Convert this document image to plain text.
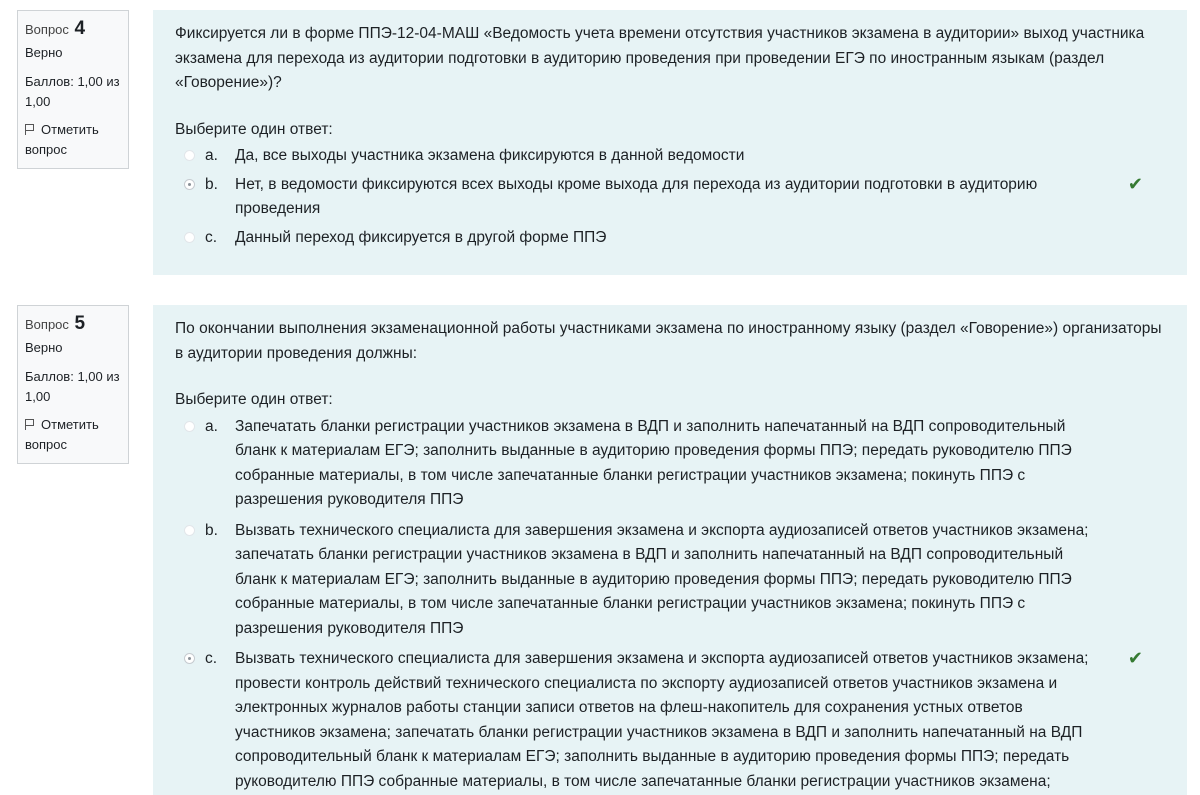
Вопрос 4
Верно
Баллов: 1,00 из 1,00
Отметить вопрос

Фиксируется ли в форме ППЭ-12-04-МАШ «Ведомость учета времени отсутствия участников экзамена в аудитории» выход участника экзамена для перехода из аудитории подготовки в аудиторию проведения при проведении ЕГЭ по иностранным языкам (раздел «Говорение»)?

Выберите один ответ:
a. Да, все выходы участника экзамена фиксируются в данной ведомости
b. Нет, в ведомости фиксируются всех выходы кроме выхода для перехода из аудитории подготовки в аудиторию проведения
✔
c. Данный переход фиксируется в другой форме ППЭ
Вопрос 5
Верно
Баллов: 1,00 из 1,00
Отметить вопрос

По окончании выполнения экзаменационной работы участниками экзамена по иностранному языку (раздел «Говорение») организаторы в аудитории проведения должны:

Выберите один ответ:
a. Запечатать бланки регистрации участников экзамена в ВДП и заполнить напечатанный на ВДП сопроводительный бланк к материалам ЕГЭ; заполнить выданные в аудиторию проведения формы ППЭ; передать руководителю ППЭ собранные материалы, в том числе запечатанные бланки регистрации участников экзамена; покинуть ППЭ с разрешения руководителя ППЭ
b. Вызвать технического специалиста для завершения экзамена и экспорта аудиозаписей ответов участников экзамена; запечатать бланки регистрации участников экзамена в ВДП и заполнить напечатанный на ВДП сопроводительный бланк к материалам ЕГЭ; заполнить выданные в аудиторию проведения формы ППЭ; передать руководителю ППЭ собранные материалы, в том числе запечатанные бланки регистрации участников экзамена; покинуть ППЭ с разрешения руководителя ППЭ
c. Вызвать технического специалиста для завершения экзамена и экспорта аудиозаписей ответов участников экзамена; провести контроль действий технического специалиста по экспорту аудиозаписей ответов участников экзамена и электронных журналов работы станции записи ответов на флеш-накопитель для сохранения устных ответов участников экзамена; запечатать бланки регистрации участников экзамена в ВДП и заполнить напечатанный на ВДП сопроводительный бланк к материалам ЕГЭ; заполнить выданные в аудиторию проведения формы ППЭ; передать руководителю ППЭ собранные материалы, в том числе запечатанные бланки регистрации участников экзамена;
✔
